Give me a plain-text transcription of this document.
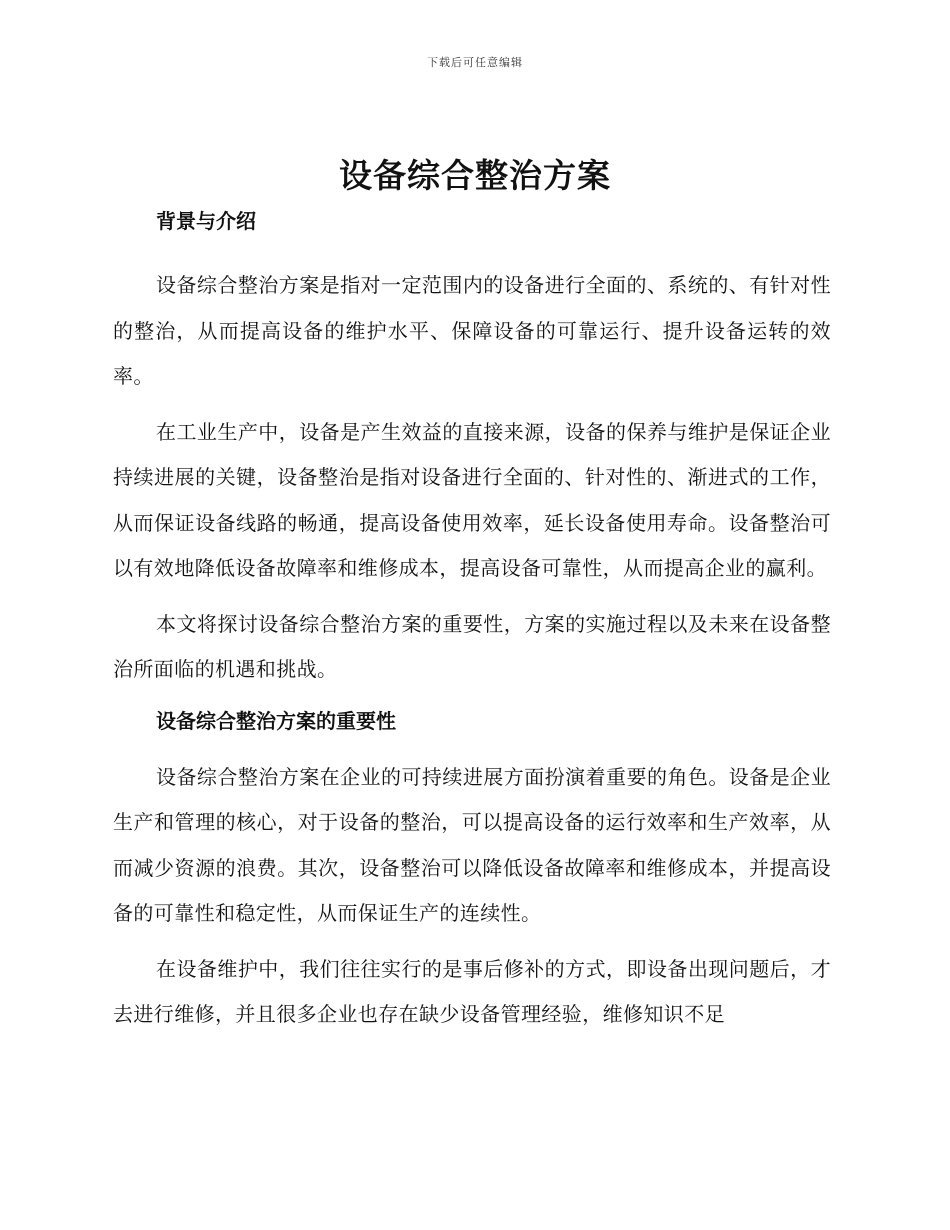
下载后可任意编辑
设备综合整治方案
背景与介绍

设备综合整治方案是指对一定范围内的设备进行全面的、系统的、有针对性的整治，从而提高设备的维护水平、保障设备的可靠运行、提升设备运转的效率。

在工业生产中，设备是产生效益的直接来源，设备的保养与维护是保证企业持续进展的关键，设备整治是指对设备进行全面的、针对性的、渐进式的工作，从而保证设备线路的畅通，提高设备使用效率，延长设备使用寿命。设备整治可以有效地降低设备故障率和维修成本，提高设备可靠性，从而提高企业的赢利。

本文将探讨设备综合整治方案的重要性，方案的实施过程以及未来在设备整治所面临的机遇和挑战。

设备综合整治方案的重要性

设备综合整治方案在企业的可持续进展方面扮演着重要的角色。设备是企业生产和管理的核心，对于设备的整治，可以提高设备的运行效率和生产效率，从而减少资源的浪费。其次，设备整治可以降低设备故障率和维修成本，并提高设备的可靠性和稳定性，从而保证生产的连续性。

在设备维护中，我们往往实行的是事后修补的方式，即设备出现问题后，才去进行维修，并且很多企业也存在缺少设备管理经验，维修知识不足
